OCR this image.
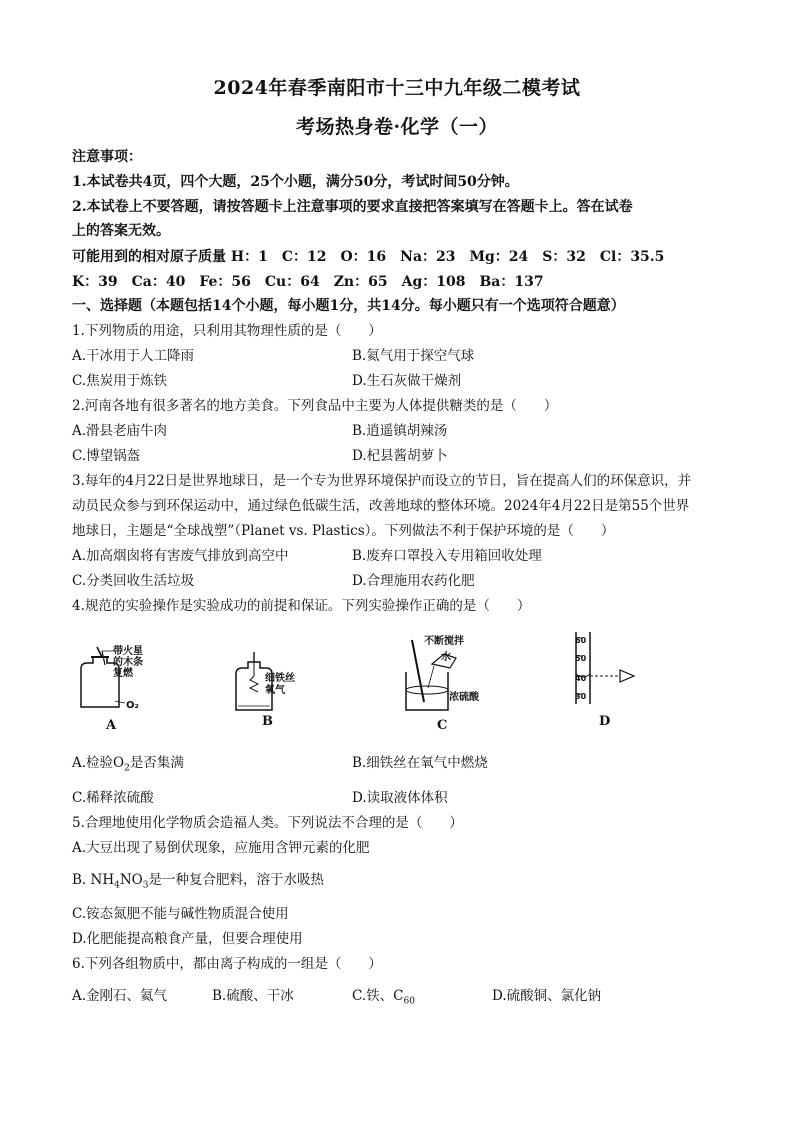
2024年春季南阳市十三中九年级二模考试
考场热身卷·化学（一）
注意事项：
1.本试卷共4页，四个大题，25个小题，满分50分，考试时间50分钟。
2.本试卷上不要答题，请按答题卡上注意事项的要求直接把答案填写在答题卡上。答在试卷
上的答案无效。
可能用到的相对原子质量 H：1　C：12　O：16　Na：23　Mg：24　S：32　Cl：35.5
K：39　Ca：40　Fe：56　Cu：64　Zn：65　Ag：108　Ba：137
一、选择题（本题包括14个小题，每小题1分，共14分。每小题只有一个选项符合题意）
1.下列物质的用途，只利用其物理性质的是（　　）
A.干冰用于人工降雨	B.氦气用于探空气球
C.焦炭用于炼铁	D.生石灰做干燥剂
2.河南各地有很多著名的地方美食。下列食品中主要为人体提供糖类的是（　　）
A.滑县老庙牛肉	B.逍遥镇胡辣汤
C.博望锅盔	D.杞县酱胡萝卜
3.每年的4月22日是世界地球日，是一个专为世界环境保护而设立的节日，旨在提高人们的环保意识，并
动员民众参与到环保运动中，通过绿色低碳生活，改善地球的整体环境。2024年4月22日是第55个世界
地球日，主题是“全球战塑”（Planet vs. Plastics）。下列做法不利于保护环境的是（　　）
A.加高烟囱将有害废气排放到高空中	B.废弃口罩投入专用箱回收处理
C.分类回收生活垃圾	D.合理施用农药化肥
4.规范的实验操作是实验成功的前提和保证。下列实验操作正确的是（　　）
带火星
的木条
复燃
O₂
A
细铁丝
氧气
B
不断搅拌
水
浓硫酸
C
60
50
40
30
D
A.检验$O_2$是否集满	B.细铁丝在氧气中燃烧
C.稀释浓硫酸	D.读取液体体积
5.合理地使用化学物质会造福人类。下列说法不合理的是（　　）
A.大豆出现了易倒伏现象，应施用含钾元素的化肥
B. $NH_4NO_3$是一种复合肥料，溶于水吸热
C.铵态氮肥不能与碱性物质混合使用
D.化肥能提高粮食产量，但要合理使用
6.下列各组物质中，都由离子构成的一组是（　　）
A.金刚石、氦气	B.硫酸、干冰	C.铁、$C_{60}$	D.硫酸铜、氯化钠
